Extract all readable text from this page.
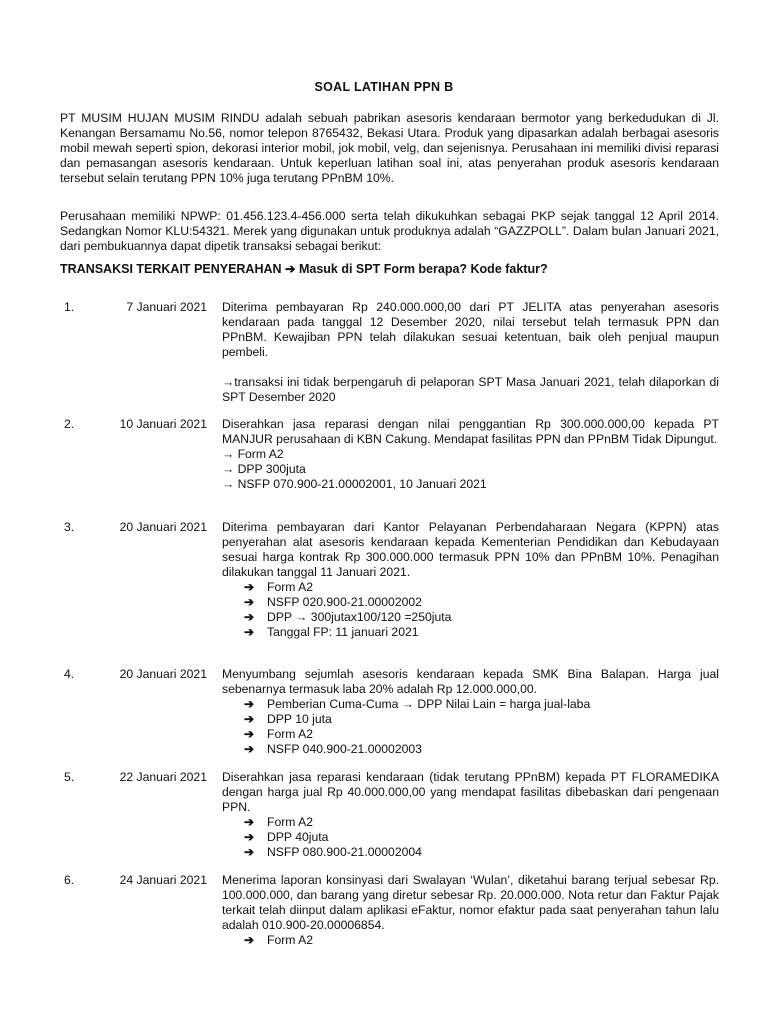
SOAL LATIHAN PPN B
PT MUSIM HUJAN MUSIM RINDU adalah sebuah pabrikan asesoris kendaraan bermotor yang berkedudukan di Jl. Kenangan Bersamamu No.56, nomor telepon 8765432, Bekasi Utara. Produk yang dipasarkan adalah berbagai asesoris mobil mewah seperti spion, dekorasi interior mobil, jok mobil, velg, dan sejenisnya. Perusahaan ini memiliki divisi reparasi dan pemasangan asesoris kendaraan. Untuk keperluan latihan soal ini, atas penyerahan produk asesoris kendaraan tersebut selain terutang PPN 10% juga terutang PPnBM 10%.
Perusahaan memiliki NPWP: 01.456.123.4-456.000 serta telah dikukuhkan sebagai PKP sejak tanggal 12 April 2014. Sedangkan Nomor KLU:54321. Merek yang digunakan untuk produknya adalah “GAZZPOLL”. Dalam bulan Januari 2021, dari pembukuannya dapat dipetik transaksi sebagai berikut:
TRANSAKSI TERKAIT PENYERAHAN ➔ Masuk di SPT Form berapa? Kode faktur?
1.	7 Januari 2021 Diterima pembayaran Rp 240.000.000,00 dari PT JELITA atas penyerahan asesoris kendaraan pada tanggal 12 Desember 2020, nilai tersebut telah termasuk PPN dan PPnBM. Kewajiban PPN telah dilakukan sesuai ketentuan, baik oleh penjual maupun pembeli.
→transaksi ini tidak berpengaruh di pelaporan SPT Masa Januari 2021, telah dilaporkan di SPT Desember 2020
2.	10 Januari 2021 Diserahkan jasa reparasi dengan nilai penggantian Rp 300.000.000,00 kepada PT MANJUR perusahaan di KBN Cakung. Mendapat fasilitas PPN dan PPnBM Tidak Dipungut.
→ Form A2
→ DPP 300juta
→ NSFP 070.900-21.00002001, 10 Januari 2021
3.	20 Januari 2021 Diterima pembayaran dari Kantor Pelayanan Perbendaharaan Negara (KPPN) atas penyerahan alat asesoris kendaraan kepada Kementerian Pendidikan dan Kebudayaan sesuai harga kontrak Rp 300.000.000 termasuk PPN 10% dan PPnBM 10%. Penagihan dilakukan tanggal 11 Januari 2021.
➔ Form A2
➔ NSFP 020.900-21.00002002
➔ DPP → 300jutax100/120 =250juta
➔ Tanggal FP: 11 januari 2021
4.	20 Januari 2021 Menyumbang sejumlah asesoris kendaraan kepada SMK Bina Balapan. Harga jual sebenarnya termasuk laba 20% adalah Rp 12.000.000,00.
➔ Pemberian Cuma-Cuma → DPP Nilai Lain = harga jual-laba
➔ DPP 10 juta
➔ Form A2
➔ NSFP 040.900-21.00002003
5.	22 Januari 2021 Diserahkan jasa reparasi kendaraan (tidak terutang PPnBM) kepada PT FLORAMEDIKA dengan harga jual Rp 40.000.000,00 yang mendapat fasilitas dibebaskan dari pengenaan PPN.
➔ Form A2
➔ DPP 40juta
➔ NSFP 080.900-21.00002004
6.	24 Januari 2021 Menerima laporan konsinyasi dari Swalayan ‘Wulan’, diketahui barang terjual sebesar Rp. 100.000.000, dan barang yang diretur sebesar Rp. 20.000.000. Nota retur dan Faktur Pajak terkait telah diinput dalam aplikasi eFaktur, nomor efaktur pada saat penyerahan tahun lalu adalah 010.900-20.00006854.
➔ Form A2
